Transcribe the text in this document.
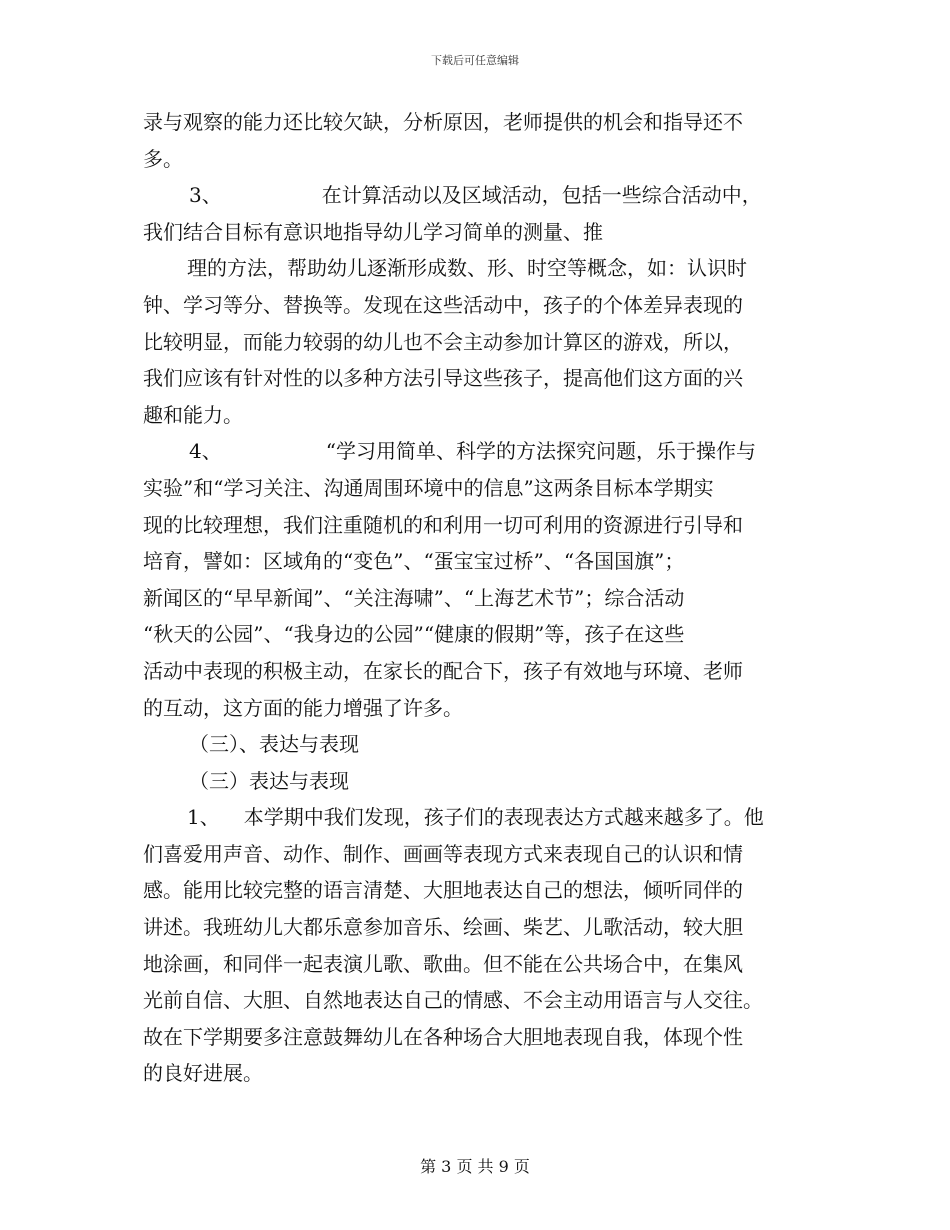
下载后可任意编辑
录与观察的能力还比较欠缺，分析原因，老师提供的机会和指导还不
多。
3、	在计算活动以及区域活动，包括一些综合活动中，
我们结合目标有意识地指导幼儿学习简单的测量、推
理的方法，帮助幼儿逐渐形成数、形、时空等概念，如：认识时
钟、学习等分、替换等。发现在这些活动中，孩子的个体差异表现的
比较明显，而能力较弱的幼儿也不会主动参加计算区的游戏，所以，
我们应该有针对性的以多种方法引导这些孩子，提高他们这方面的兴
趣和能力。
4、	“学习用简单、科学的方法探究问题，乐于操作与
实验”和“学习关注、沟通周围环境中的信息”这两条目标本学期实
现的比较理想，我们注重随机的和利用一切可利用的资源进行引导和
培育，譬如：区域角的“变色”、“蛋宝宝过桥”、“各国国旗”；
新闻区的“早早新闻”、“关注海啸”、“上海艺术节”；综合活动
“秋天的公园”、“我身边的公园”“健康的假期”等，孩子在这些
活动中表现的积极主动，在家长的配合下，孩子有效地与环境、老师
的互动，这方面的能力增强了许多。
（三）、表达与表现
（三）表达与表现
1、 本学期中我们发现，孩子们的表现表达方式越来越多了。他
们喜爱用声音、动作、制作、画画等表现方式来表现自己的认识和情
感。能用比较完整的语言清楚、大胆地表达自己的想法，倾听同伴的
讲述。我班幼儿大都乐意参加音乐、绘画、柴艺、儿歌活动，较大胆
地涂画，和同伴一起表演儿歌、歌曲。但不能在公共场合中，在集风
光前自信、大胆、自然地表达自己的情感、不会主动用语言与人交往。
故在下学期要多注意鼓舞幼儿在各种场合大胆地表现自我，体现个性
的良好进展。
第 3 页 共 9 页
